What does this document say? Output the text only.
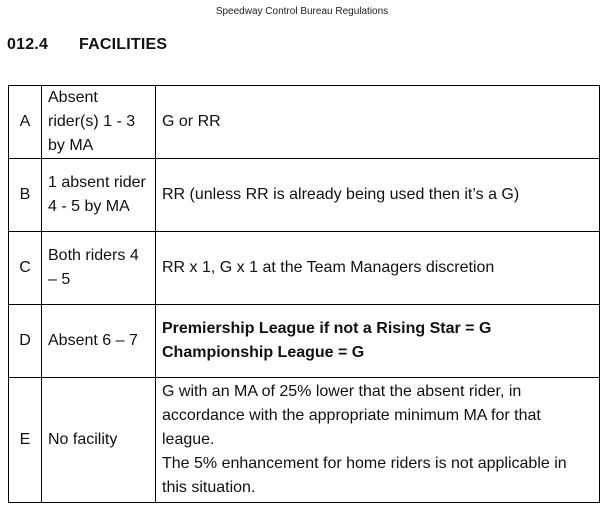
Speedway Control Bureau Regulations
012.4 FACILITIES
A	Absent rider(s) 1 - 3 by MA	G or RR
B	1 absent rider 4 - 5 by MA	RR (unless RR is already being used then it’s a G)
C	Both riders 4 – 5	RR x 1, G x 1 at the Team Managers discretion
D	Absent 6 – 7	Premiership League if not a Rising Star = G
Championship League = G

E	No facility	G with an MA of 25% lower that the absent rider, in accordance with the appropriate minimum MA for that league.
The 5% enhancement for home riders is not applicable in this situation.
